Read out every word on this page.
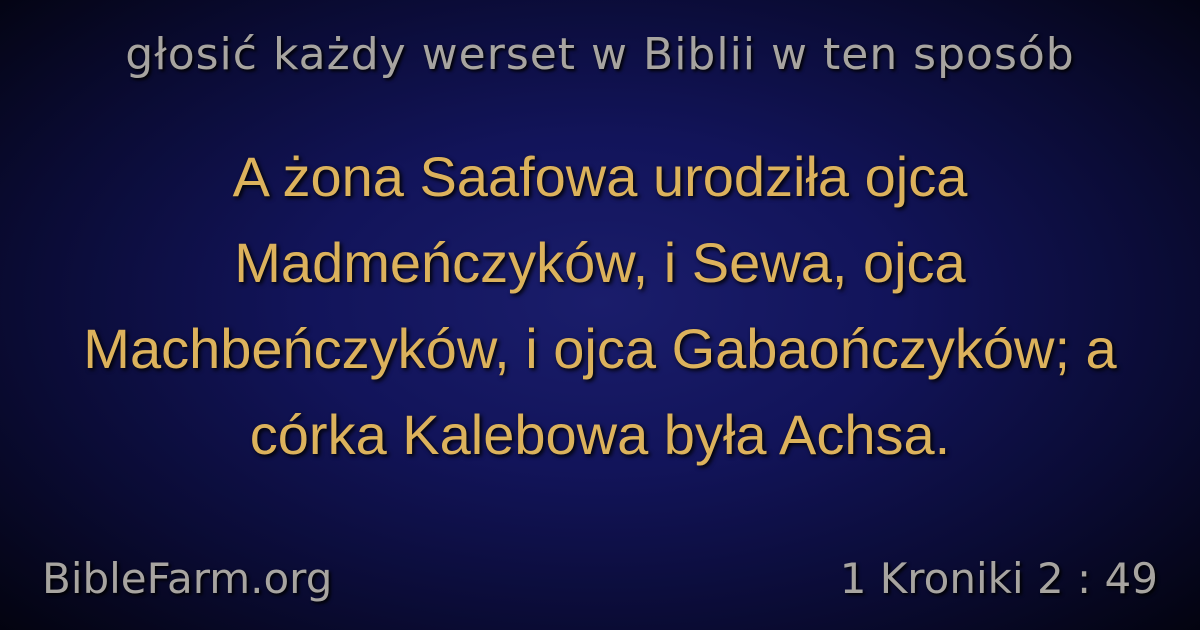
głosić każdy werset w Biblii w ten sposób
A żona Saafowa urodziła ojca Madmeńczyków, i Sewa, ojca Machbeńczyków, i ojca Gabaończyków; a córka Kalebowa była Achsa.
BibleFarm.org	1 Kroniki 2 : 49
